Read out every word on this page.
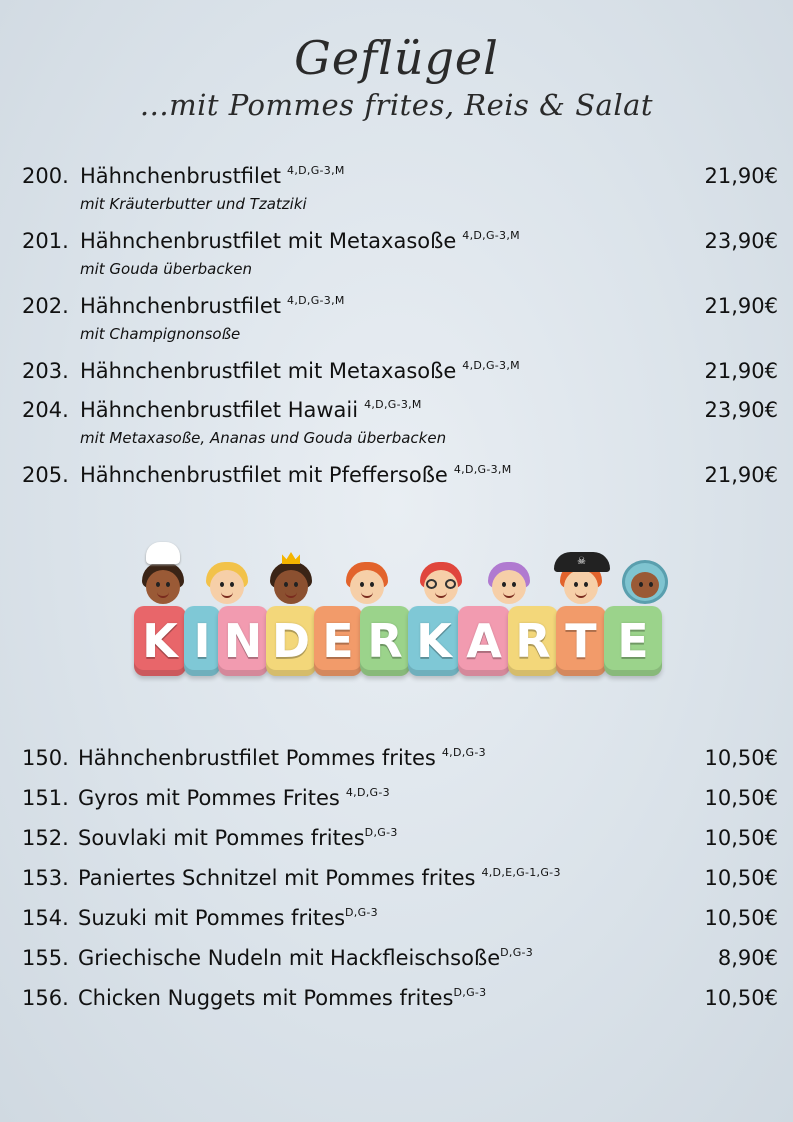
Geflügel
...mit Pommes frites, Reis & Salat
200. Hähnchenbrustfilet $^{4,D,G-3,M}$	21,90€
mit Kräuterbutter und Tzatziki
201. Hähnchenbrustfilet mit Metaxasoße $^{4,D,G-3,M}$	23,90€
mit Gouda überbacken
202. Hähnchenbrustfilet $^{4,D,G-3,M}$	21,90€
mit Champignonsoße
203. Hähnchenbrustfilet mit Metaxasoße $^{4,D,G-3,M}$	21,90€
204. Hähnchenbrustfilet Hawaii $^{4,D,G-3,M}$	23,90€
mit Metaxasoße, Ananas und Gouda überbacken
205. Hähnchenbrustfilet mit Pfeffersoße $^{4,D,G-3,M}$	21,90€
☠
K I N D E R K A R T E
150. Hähnchenbrustfilet Pommes frites $^{4,D,G-3}$	10,50€
151. Gyros mit Pommes Frites $^{4,D,G-3}$	10,50€
152. Souvlaki mit Pommes frites$^{D,G-3}$	10,50€
153. Paniertes Schnitzel mit Pommes frites $^{4,D,E,G-1,G-3}$	10,50€
154. Suzuki mit Pommes frites$^{D,G-3}$	10,50€
155. Griechische Nudeln mit Hackfleischsoße$^{D,G-3}$	8,90€
156. Chicken Nuggets mit Pommes frites$^{D,G-3}$	10,50€
